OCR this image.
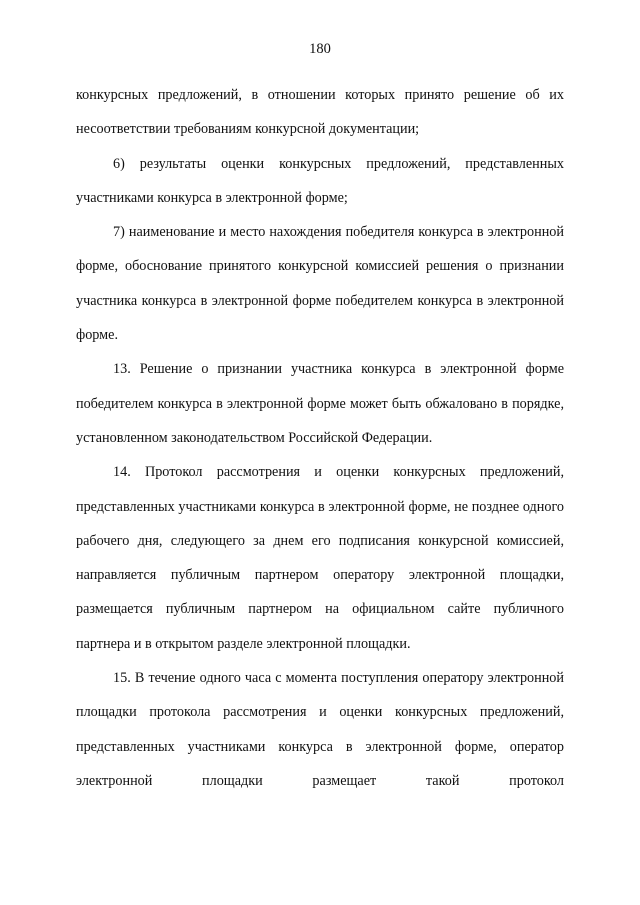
180

конкурсных предложений, в отношении которых принято решение об их несоответствии требованиям конкурсной документации;

6) результаты оценки конкурсных предложений, представленных участниками конкурса в электронной форме;

7) наименование и место нахождения победителя конкурса в электронной форме, обоснование принятого конкурсной комиссией решения о признании участника конкурса в электронной форме победителем конкурса в электронной форме.

13. Решение о признании участника конкурса в электронной форме победителем конкурса в электронной форме может быть обжаловано в порядке, установленном законодательством Российской Федерации.

14. Протокол рассмотрения и оценки конкурсных предложений, представленных участниками конкурса в электронной форме, не позднее одного рабочего дня, следующего за днем его подписания конкурсной комиссией, направляется публичным партнером оператору электронной площадки, размещается публичным партнером на официальном сайте публичного партнера и в открытом разделе электронной площадки.

15. В течение одного часа с момента поступления оператору электронной площадки протокола рассмотрения и оценки конкурсных предложений, представленных участниками конкурса в электронной форме, оператор электронной площадки размещает такой протокол
